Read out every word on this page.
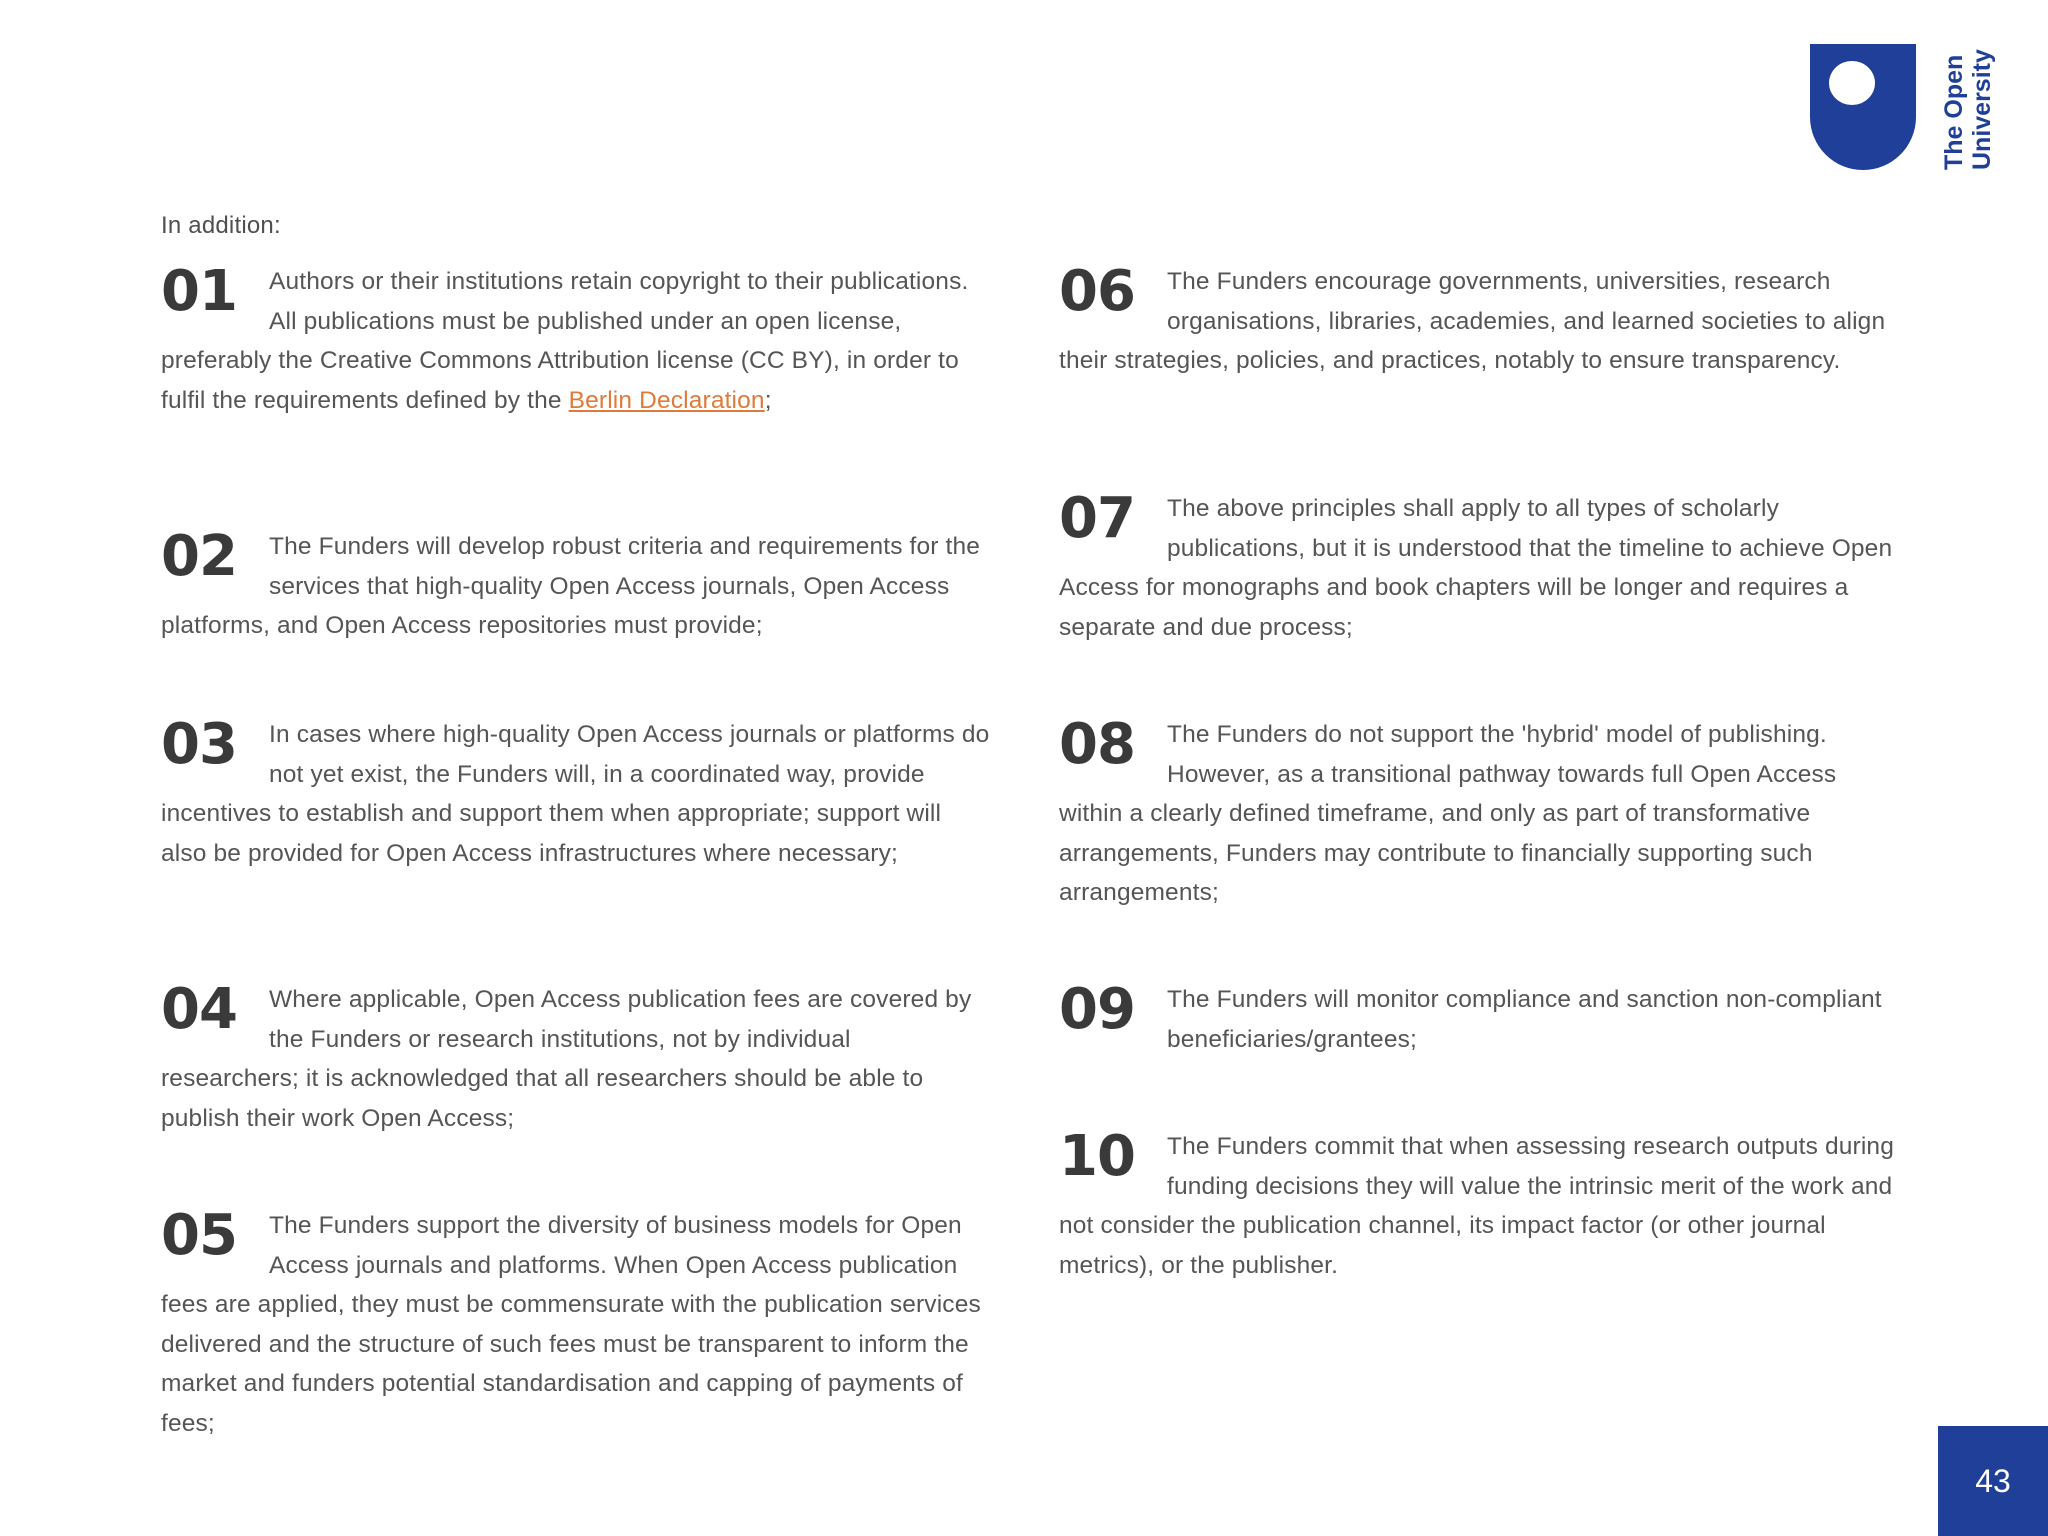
The Open University
In addition:
01	Authors or their institutions retain copyright to their publications. All publications must be published under an open license, preferably the Creative Commons Attribution license (CC BY), in order to fulfil the requirements defined by the Berlin Declaration;

02	The Funders will develop robust criteria and requirements for the services that high-quality Open Access journals, Open Access platforms, and Open Access repositories must provide;

03	In cases where high-quality Open Access journals or platforms do not yet exist, the Funders will, in a coordinated way, provide incentives to establish and support them when appropriate; support will also be provided for Open Access infrastructures where necessary;

04	Where applicable, Open Access publication fees are covered by the Funders or research institutions, not by individual researchers; it is acknowledged that all researchers should be able to publish their work Open Access;

05	The Funders support the diversity of business models for Open Access journals and platforms. When Open Access publication fees are applied, they must be commensurate with the publication services delivered and the structure of such fees must be transparent to inform the market and funders potential standardisation and capping of payments of fees;

06	The Funders encourage governments, universities, research organisations, libraries, academies, and learned societies to align their strategies, policies, and practices, notably to ensure transparency.

07	The above principles shall apply to all types of scholarly publications, but it is understood that the timeline to achieve Open Access for monographs and book chapters will be longer and requires a separate and due process;

08	The Funders do not support the 'hybrid' model of publishing. However, as a transitional pathway towards full Open Access within a clearly defined timeframe, and only as part of transformative arrangements, Funders may contribute to financially supporting such arrangements;

09	The Funders will monitor compliance and sanction non-compliant beneficiaries/grantees;

10	The Funders commit that when assessing research outputs during funding decisions they will value the intrinsic merit of the work and not consider the publication channel, its impact factor (or other journal metrics), or the publisher.

43
